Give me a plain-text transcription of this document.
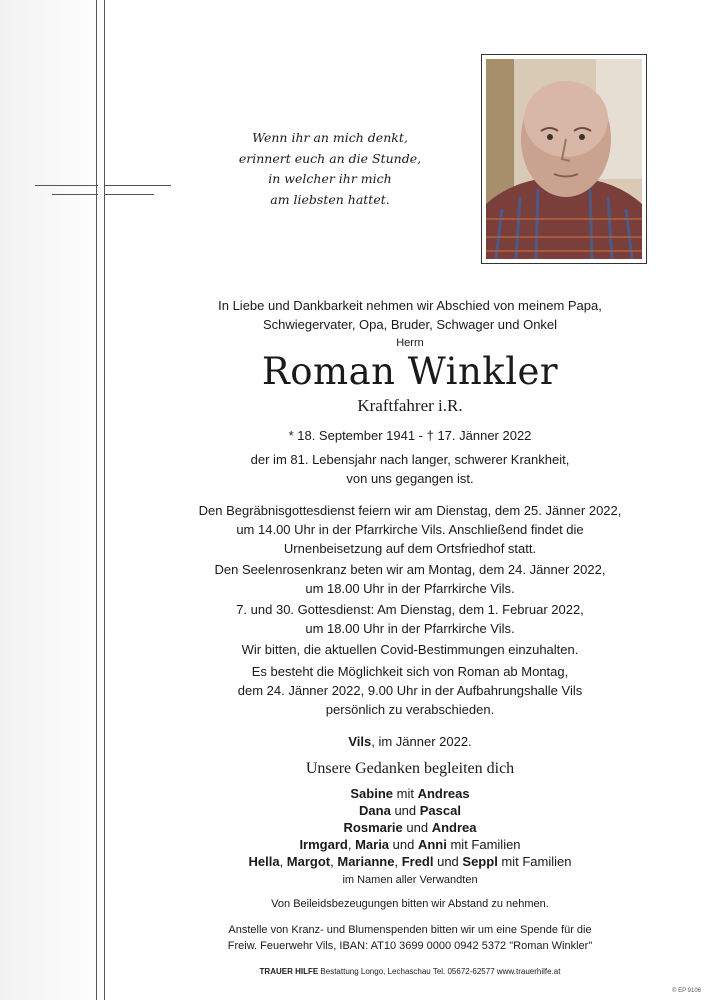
Wenn ihr an mich denkt,
erinnert euch an die Stunde,
in welcher ihr mich
am liebsten hattet.
In Liebe und Dankbarkeit nehmen wir Abschied von meinem Papa,
Schwiegervater, Opa, Bruder, Schwager und Onkel
Herrn
Roman Winkler
Kraftfahrer i.R.
* 18. September 1941 - † 17. Jänner 2022
der im 81. Lebensjahr nach langer, schwerer Krankheit,
von uns gegangen ist.
Den Begräbnisgottesdienst feiern wir am Dienstag, dem 25. Jänner 2022,
um 14.00 Uhr in der Pfarrkirche Vils. Anschließend findet die
Urnenbeisetzung auf dem Ortsfriedhof statt.
Den Seelenrosenkranz beten wir am Montag, dem 24. Jänner 2022,
um 18.00 Uhr in der Pfarrkirche Vils.
7. und 30. Gottesdienst: Am Dienstag, dem 1. Februar 2022,
um 18.00 Uhr in der Pfarrkirche Vils.
Wir bitten, die aktuellen Covid-Bestimmungen einzuhalten.
Es besteht die Möglichkeit sich von Roman ab Montag,
dem 24. Jänner 2022, 9.00 Uhr in der Aufbahrungshalle Vils
persönlich zu verabschieden.
Vils, im Jänner 2022.
Unsere Gedanken begleiten dich
Sabine mit Andreas
Dana und Pascal
Rosmarie und Andrea
Irmgard, Maria und Anni mit Familien
Hella, Margot, Marianne, Fredl und Seppl mit Familien
im Namen aller Verwandten
Von Beileidsbezeugungen bitten wir Abstand zu nehmen.
Anstelle von Kranz- und Blumenspenden bitten wir um eine Spende für die
Freiw. Feuerwehr Vils, IBAN: AT10 3699 0000 0942 5372 "Roman Winkler"
TRAUER HILFE Bestattung Longo, Lechaschau Tel. 05672-62577 www.trauerhilfe.at
© EP 9106
